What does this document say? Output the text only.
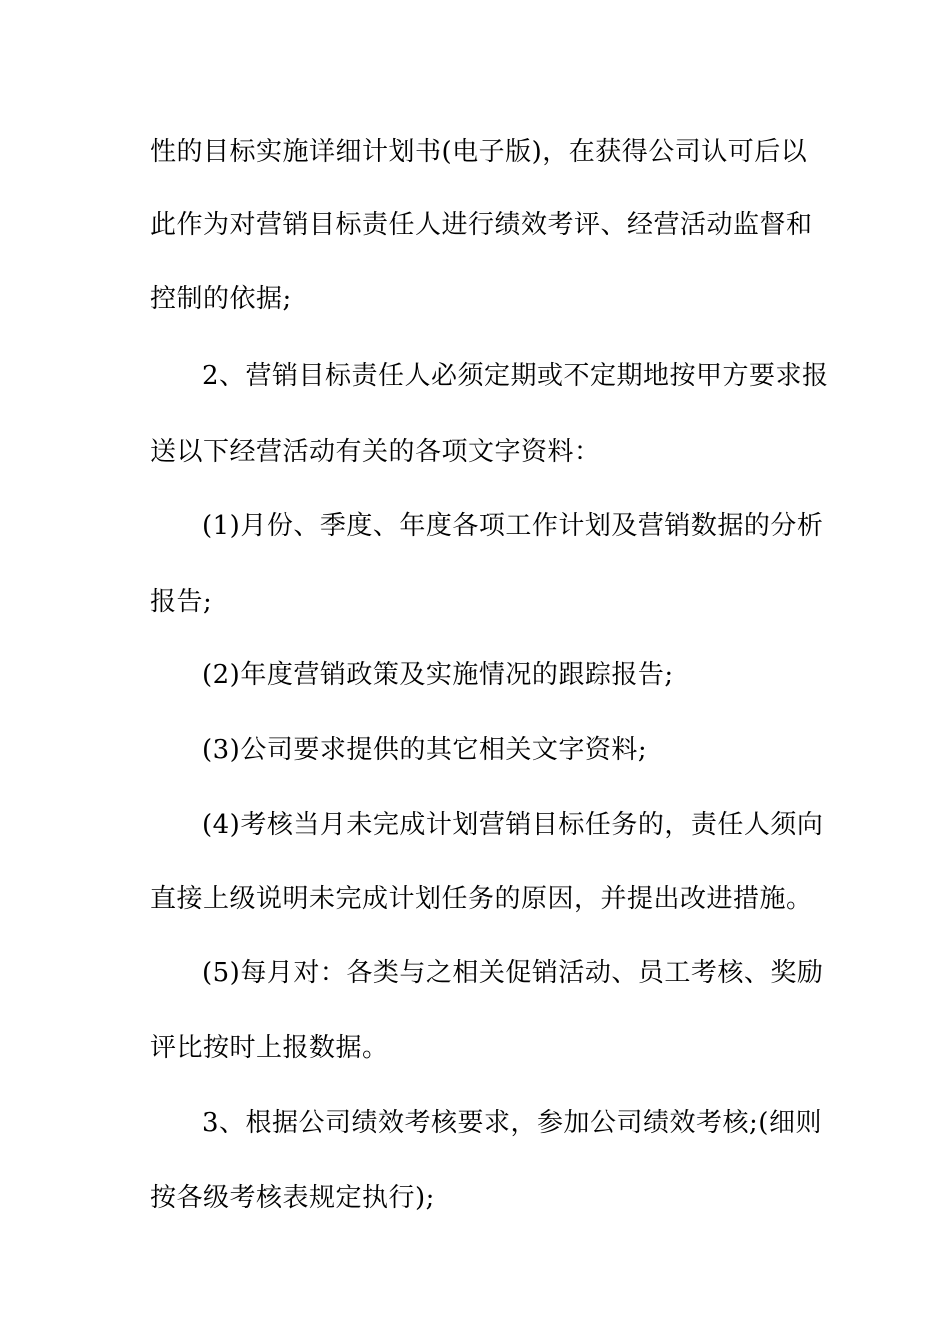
性的目标实施详细计划书(电子版)，在获得公司认可后以
此作为对营销目标责任人进行绩效考评、经营活动监督和
控制的依据;
2、营销目标责任人必须定期或不定期地按甲方要求报
送以下经营活动有关的各项文字资料：
(1)月份、季度、年度各项工作计划及营销数据的分析
报告;
(2)年度营销政策及实施情况的跟踪报告;
(3)公司要求提供的其它相关文字资料;
(4)考核当月未完成计划营销目标任务的，责任人须向
直接上级说明未完成计划任务的原因，并提出改进措施。
(5)每月对：各类与之相关促销活动、员工考核、奖励
评比按时上报数据。
3、根据公司绩效考核要求，参加公司绩效考核;(细则
按各级考核表规定执行);
